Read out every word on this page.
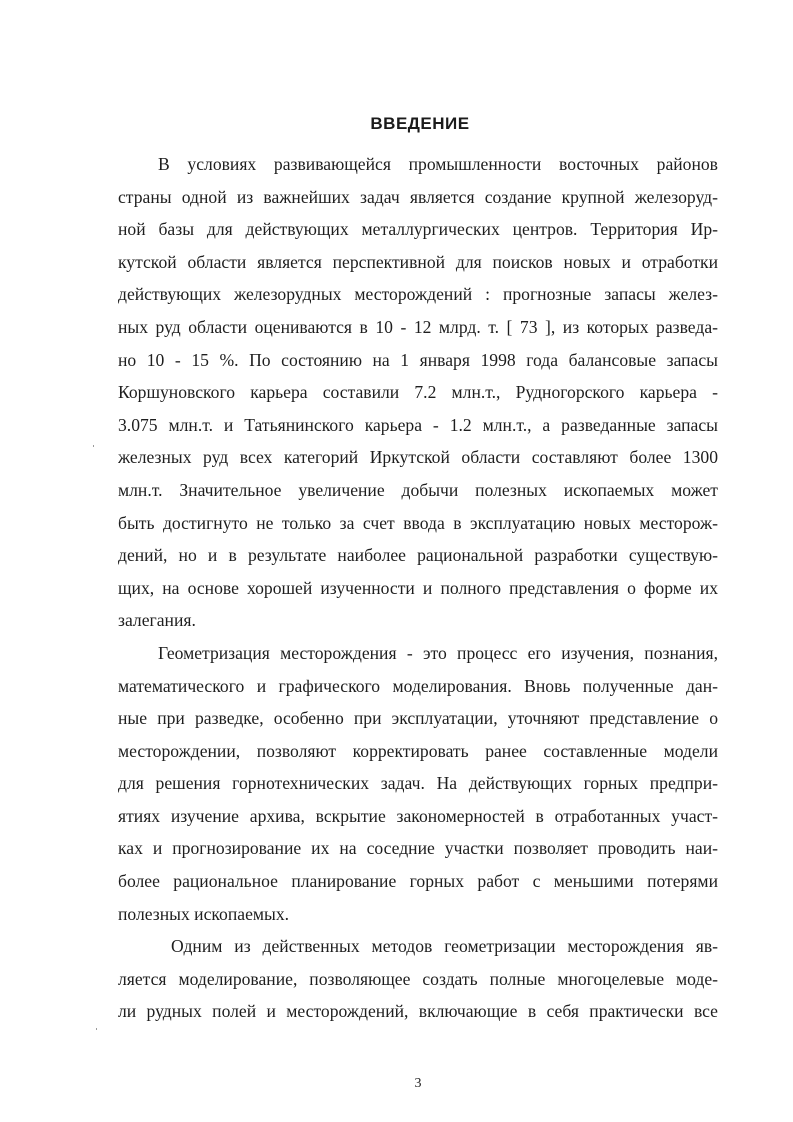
ВВЕДЕНИЕ
В условиях развивающейся промышленности восточных районов
страны одной из важнейших задач является создание крупной железоруд-
ной базы для действующих металлургических центров. Территория Ир-
кутской области является перспективной для поисков новых и отработки
действующих железорудных месторождений : прогнозные запасы желез-
ных руд области оцениваются в 10 - 12 млрд. т. [ 73 ], из которых разведа-
но 10 - 15 %. По состоянию на 1 января 1998 года балансовые запасы
Коршуновского карьера составили 7.2 млн.т., Рудногорского карьера -
3.075 млн.т. и Татьянинского карьера - 1.2 млн.т., а разведанные запасы
железных руд всех категорий Иркутской области составляют более 1300
млн.т. Значительное увеличение добычи полезных ископаемых может
быть достигнуто не только за счет ввода в эксплуатацию новых месторож-
дений, но и в результате наиболее рациональной разработки существую-
щих, на основе хорошей изученности и полного представления о форме их
залегания.
Геометризация месторождения - это процесс его изучения, познания,
математического и графического моделирования. Вновь полученные дан-
ные при разведке, особенно при эксплуатации, уточняют представление о
месторождении, позволяют корректировать ранее составленные модели
для решения горнотехнических задач. На действующих горных предпри-
ятиях изучение архива, вскрытие закономерностей в отработанных участ-
ках и прогнозирование их на соседние участки позволяет проводить наи-
более рациональное планирование горных работ с меньшими потерями
полезных ископаемых.
Одним из действенных методов геометризации месторождения яв-
ляется моделирование, позволяющее создать полные многоцелевые моде-
ли рудных полей и месторождений, включающие в себя практически все
3
